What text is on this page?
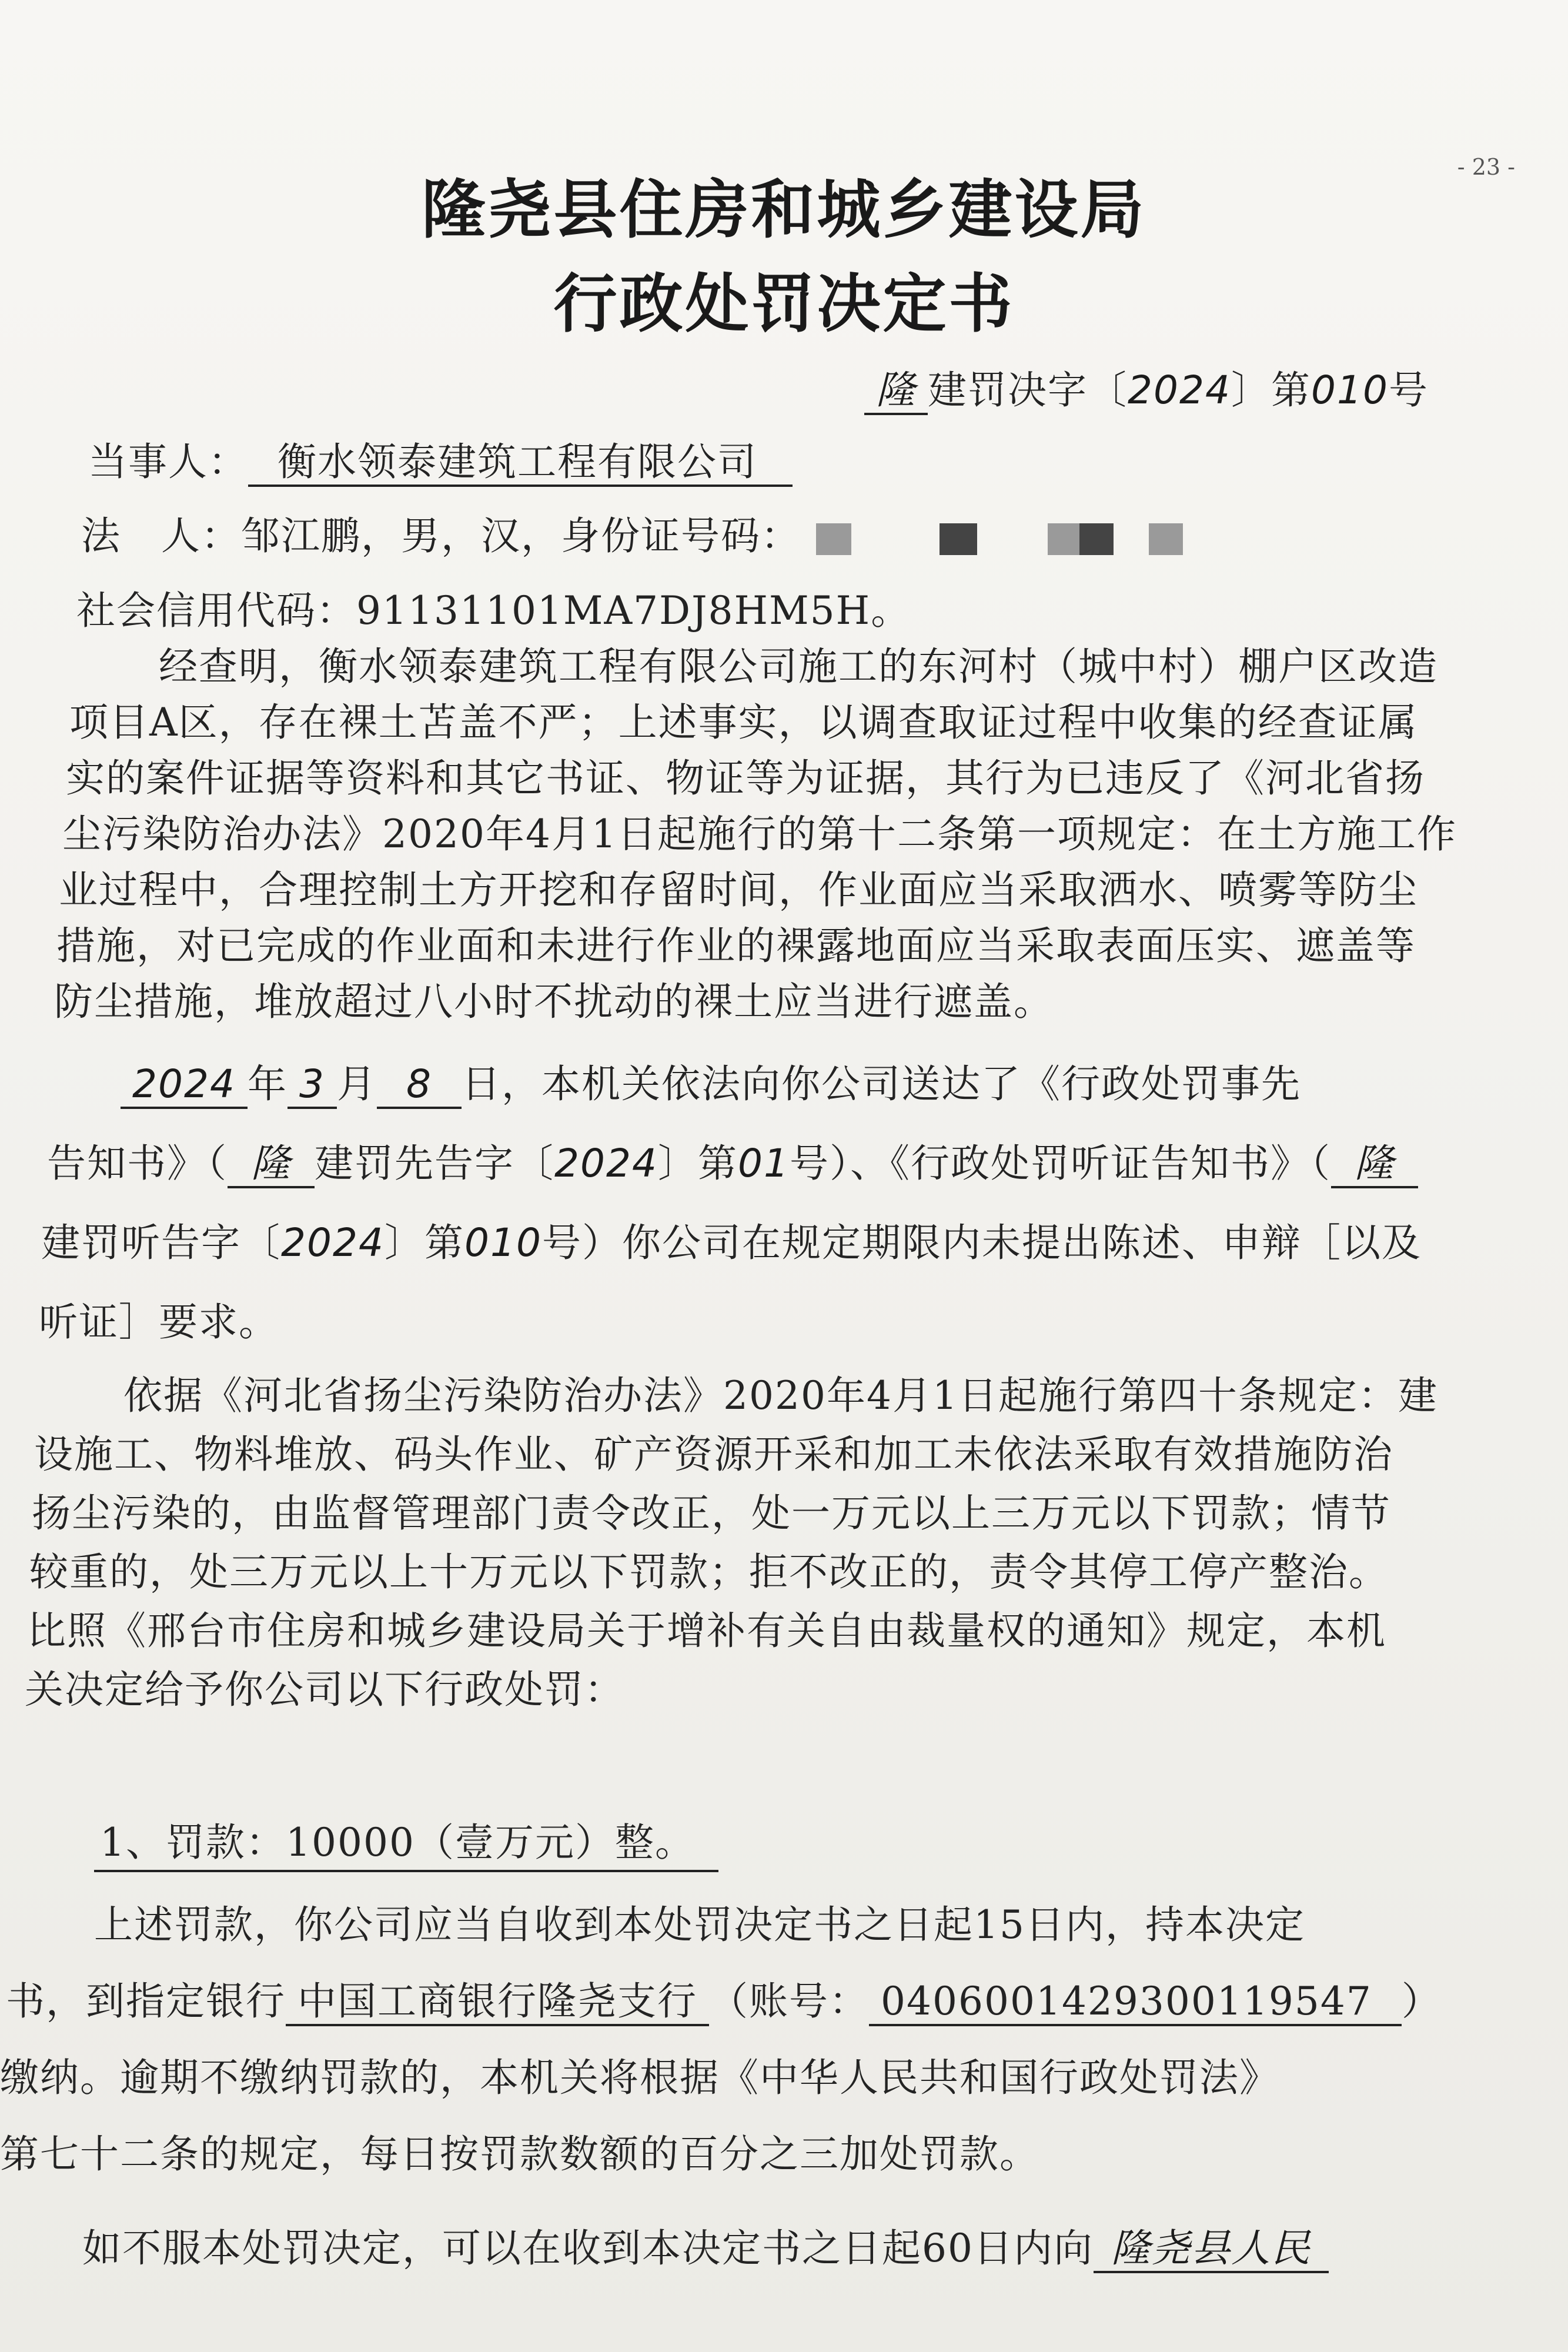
- 23 -
隆尧县住房和城乡建设局
行政处罚决定书
隆 建罚决字〔2024〕第010号
当事人： 衡水领泰建筑工程有限公司
法　人：邹江鹏，男，汉，身份证号码：
社会信用代码：91131101MA7DJ8HM5H。
经查明，衡水领泰建筑工程有限公司施工的东河村（城中村）棚户区改造
项目A区，存在裸土苫盖不严；上述事实，以调查取证过程中收集的经查证属
实的案件证据等资料和其它书证、物证等为证据，其行为已违反了《河北省扬
尘污染防治办法》2020年4月1日起施行的第十二条第一项规定：在土方施工作
业过程中，合理控制土方开挖和存留时间，作业面应当采取洒水、喷雾等防尘
措施，对已完成的作业面和未进行作业的裸露地面应当采取表面压实、遮盖等
防尘措施，堆放超过八小时不扰动的裸土应当进行遮盖。
2024 年 3 月 8 日，本机关依法向你公司送达了《行政处罚事先
告知书》（ 隆 建罚先告字〔2024〕第01号）、《行政处罚听证告知书》（ 隆
建罚听告字〔2024〕第010号）你公司在规定期限内未提出陈述、申辩［以及
听证］要求。
依据《河北省扬尘污染防治办法》2020年4月1日起施行第四十条规定：建
设施工、物料堆放、码头作业、矿产资源开采和加工未依法采取有效措施防治
扬尘污染的，由监督管理部门责令改正，处一万元以上三万元以下罚款；情节
较重的，处三万元以上十万元以下罚款；拒不改正的，责令其停工停产整治。
比照《邢台市住房和城乡建设局关于增补有关自由裁量权的通知》规定，本机
关决定给予你公司以下行政处罚：
1、罚款：10000（壹万元）整。
上述罚款，你公司应当自收到本处罚决定书之日起15日内，持本决定
书，到指定银行 中国工商银行隆尧支行 （账号： 0406001429300119547 ）
缴纳。逾期不缴纳罚款的，本机关将根据《中华人民共和国行政处罚法》
第七十二条的规定，每日按罚款数额的百分之三加处罚款。
如不服本处罚决定，可以在收到本决定书之日起60日内向 隆尧县人民
